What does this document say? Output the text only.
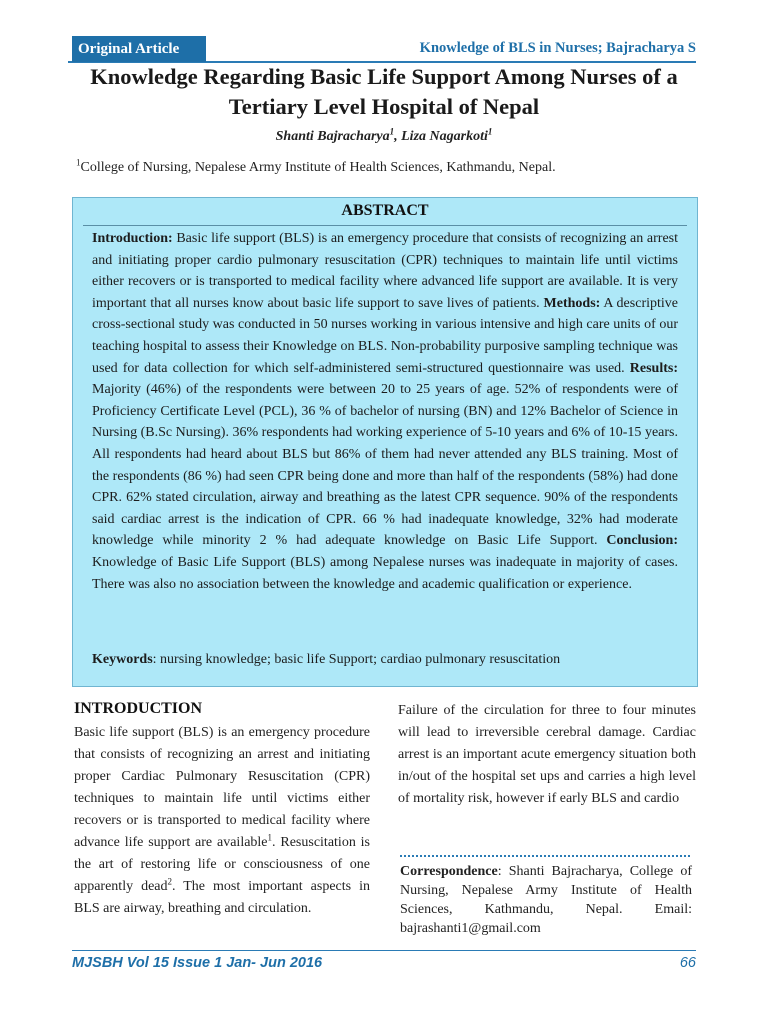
Original Article	Knowledge of BLS in Nurses; Bajracharya S
Knowledge Regarding Basic Life Support Among Nurses of a
Tertiary Level Hospital of Nepal
Shanti Bajracharya$^1$, Liza Nagarkoti$^1$
$^1$College of Nursing, Nepalese Army Institute of Health Sciences, Kathmandu, Nepal.
ABSTRACT
Introduction: Basic life support (BLS) is an emergency procedure that consists of recognizing an arrest and initiating proper cardio pulmonary resuscitation (CPR) techniques to maintain life until victims either recovers or is transported to medical facility where advanced life support are available. It is very important that all nurses know about basic life support to save lives of patients. Methods: A descriptive cross-sectional study was conducted in 50 nurses working in various intensive and high care units of our teaching hospital to assess their Knowledge on BLS. Non-probability purposive sampling technique was used for data collection for which self-administered semi-structured questionnaire was used. Results: Majority (46%) of the respondents were between 20 to 25 years of age. 52% of respondents were of Proficiency Certificate Level (PCL), 36 % of bachelor of nursing (BN) and 12% Bachelor of Science in Nursing (B.Sc Nursing). 36% respondents had working experience of 5-10 years and 6% of 10-15 years. All respondents had heard about BLS but 86% of them had never attended any BLS training. Most of the respondents (86 %) had seen CPR being done and more than half of the respondents (58%) had done CPR. 62% stated circulation, airway and breathing as the latest CPR sequence. 90% of the respondents said cardiac arrest is the indication of CPR. 66 % had inadequate knowledge, 32% had moderate knowledge while minority 2 % had adequate knowledge on Basic Life Support. Conclusion: Knowledge of Basic Life Support (BLS) among Nepalese nurses was inadequate in majority of cases. There was also no association between the knowledge and academic qualification or experience.
Keywords: nursing knowledge; basic life Support; cardiao pulmonary resuscitation
INTRODUCTION
Basic life support (BLS) is an emergency procedure that consists of recognizing an arrest and initiating proper Cardiac Pulmonary Resuscitation (CPR) techniques to maintain life until victims either recovers or is transported to medical facility where advance life support are available$^1$. Resuscitation is the art of restoring life or consciousness of one apparently dead$^2$. The most important aspects in BLS are airway, breathing and circulation.
Failure of the circulation for three to four minutes will lead to irreversible cerebral damage. Cardiac arrest is an important acute emergency situation both in/out of the hospital set ups and carries a high level of mortality risk, however if early BLS and cardio
Correspondence: Shanti Bajracharya, College of Nursing, Nepalese Army Institute of Health Sciences, Kathmandu, Nepal. Email: bajrashanti1@gmail.com
MJSBH Vol 15 Issue 1 Jan- Jun 2016	66
